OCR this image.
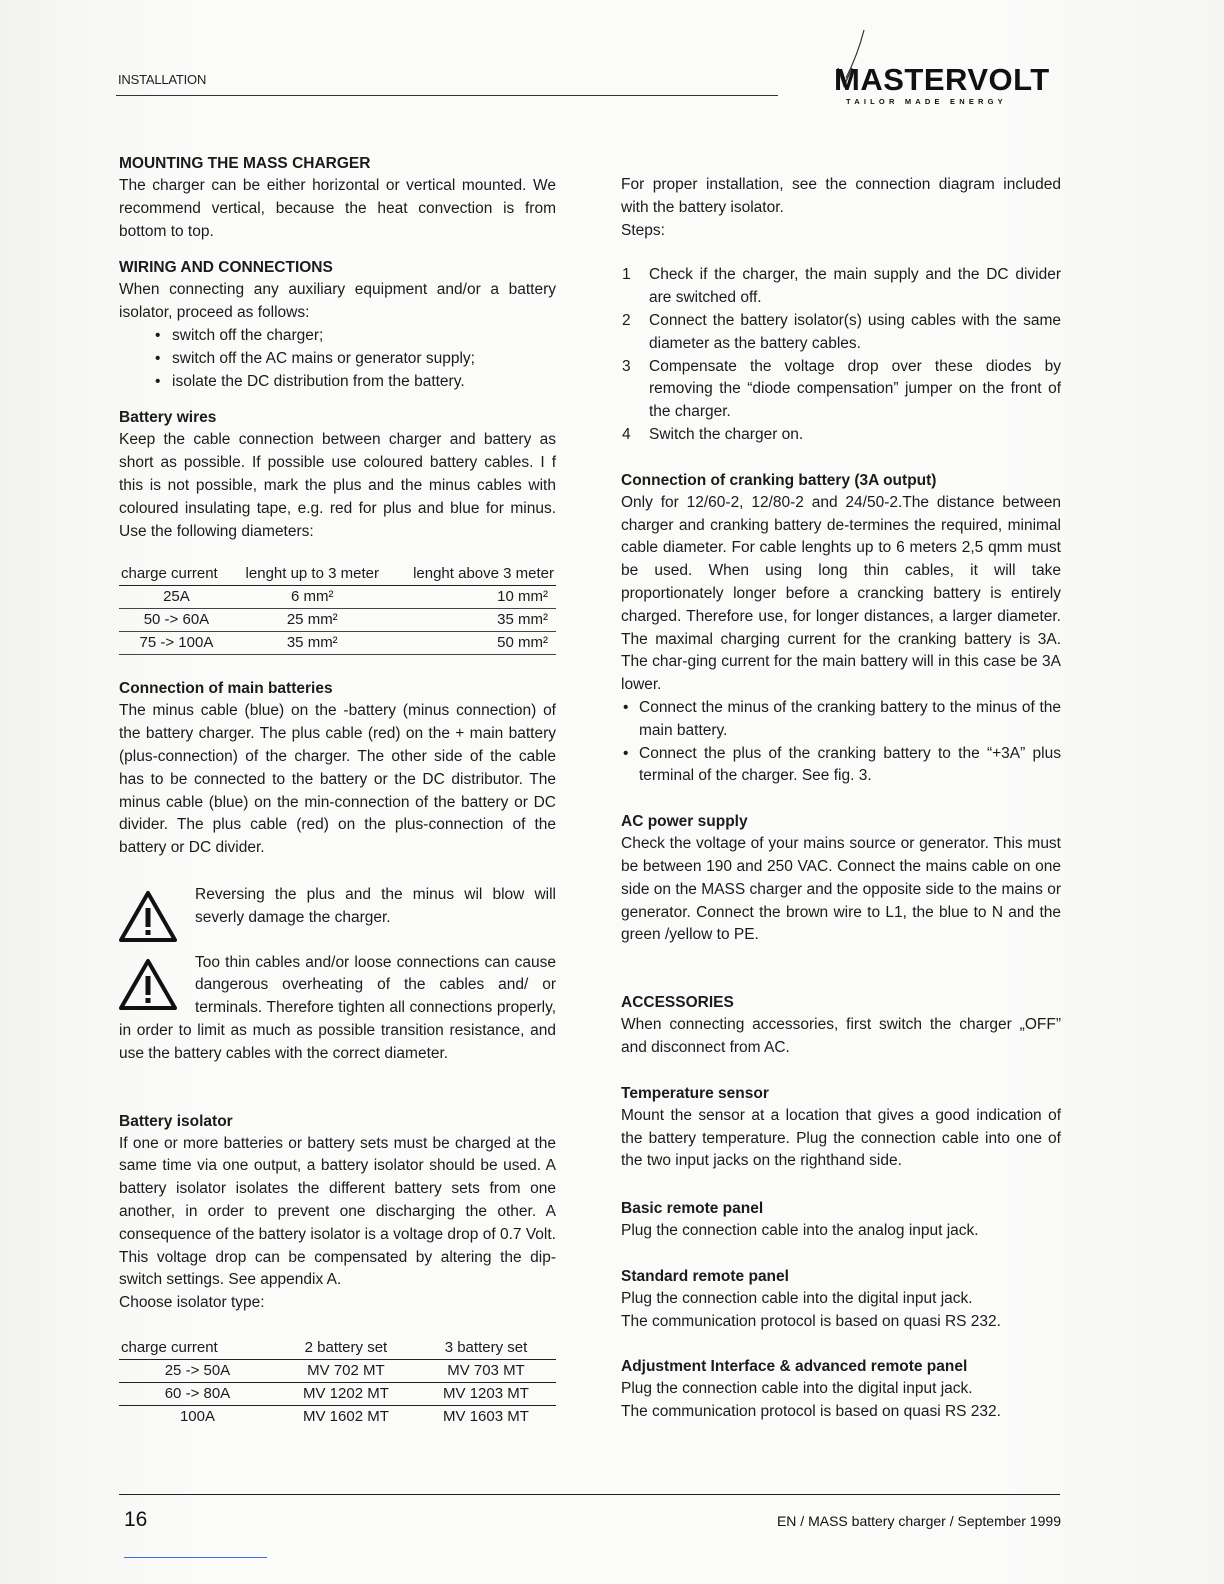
INSTALLATION	MASTERVOLT
TAILOR MADE ENERGY
MOUNTING THE MASS CHARGER

The charger can be either horizontal or vertical mounted. We recommend vertical, because the heat convection is from bottom to top.

WIRING AND CONNECTIONS

When connecting any auxiliary equipment and/or a battery isolator, proceed as follows:

• switch off the charger;
• switch off the AC mains or generator supply;
• isolate the DC distribution from the battery.
Battery wires

Keep the cable connection between charger and battery as short as possible. If possible use coloured battery cables. I f this is not possible, mark the plus and the minus cables with coloured insulating tape, e.g. red for plus and blue for minus. Use the following diameters:

charge current	lenght up to 3 meter	lenght above 3 meter
25A	6 mm²	10 mm²
50 -> 60A	25 mm²	35 mm²
75 -> 100A	35 mm²	50 mm²
Connection of main batteries

The minus cable (blue) on the -battery (minus connection) of the battery charger. The plus cable (red) on the + main battery (plus-connection) of the charger. The other side of the cable has to be connected to the battery or the DC distributor. The minus cable (blue) on the min-connection of the battery or DC divider. The plus cable (red) on the plus-connection of the battery or DC divider.

Reversing the plus and the minus wil blow will severly damage the charger.

Too thin cables and/or loose connections can cause dangerous overheating of the cables and/ or terminals. Therefore tighten all connections properly, in order to limit as much as possible transition resistance, and use the battery cables with the correct diameter.

Battery isolator

If one or more batteries or battery sets must be charged at the same time via one output, a battery isolator should be used. A battery isolator isolates the different battery sets from one another, in order to prevent one discharging the other. A consequence of the battery isolator is a voltage drop of 0.7 Volt. This voltage drop can be compensated by altering the dip-switch settings. See appendix A.

Choose isolator type:

charge current	2 battery set	3 battery set
25 -> 50A	MV 702 MT	MV 703 MT
60 -> 80A	MV 1202 MT	MV 1203 MT
100A	MV 1602 MT	MV 1603 MT

For proper installation, see the connection diagram included with the battery isolator.

Steps:

1 Check if the charger, the main supply and the DC divider are switched off.
2 Connect the battery isolator(s) using cables with the same diameter as the battery cables.
3 Compensate the voltage drop over these diodes by removing the “diode compensation” jumper on the front of the charger.
4 Switch the charger on.
Connection of cranking battery (3A output)

Only for 12/60-2, 12/80-2 and 24/50-2.The distance between charger and cranking battery de-termines the required, minimal cable diameter. For cable lenghts up to 6 meters 2,5 qmm must be used. When using long thin cables, it will take proportionately longer before a crancking battery is entirely charged. Therefore use, for longer distances, a larger diameter. The maximal charging current for the cranking battery is 3A. The char-ging current for the main battery will in this case be 3A lower.

• Connect the minus of the cranking battery to the minus of the main battery.
• Connect the plus of the cranking battery to the “+3A” plus terminal of the charger. See fig. 3.
AC power supply

Check the voltage of your mains source or generator. This must be between 190 and 250 VAC. Connect the mains cable on one side on the MASS charger and the opposite side to the mains or generator. Connect the brown wire to L1, the blue to N and the green /yellow to PE.

ACCESSORIES

When connecting accessories, first switch the charger „OFF” and disconnect from AC.

Temperature sensor

Mount the sensor at a location that gives a good indication of the battery temperature. Plug the connection cable into one of the two input jacks on the righthand side.

Basic remote panel

Plug the connection cable into the analog input jack.

Standard remote panel

Plug the connection cable into the digital input jack.

The communication protocol is based on quasi RS 232.

Adjustment Interface & advanced remote panel

Plug the connection cable into the digital input jack.

The communication protocol is based on quasi RS 232.

16	EN / MASS battery charger / September 1999
